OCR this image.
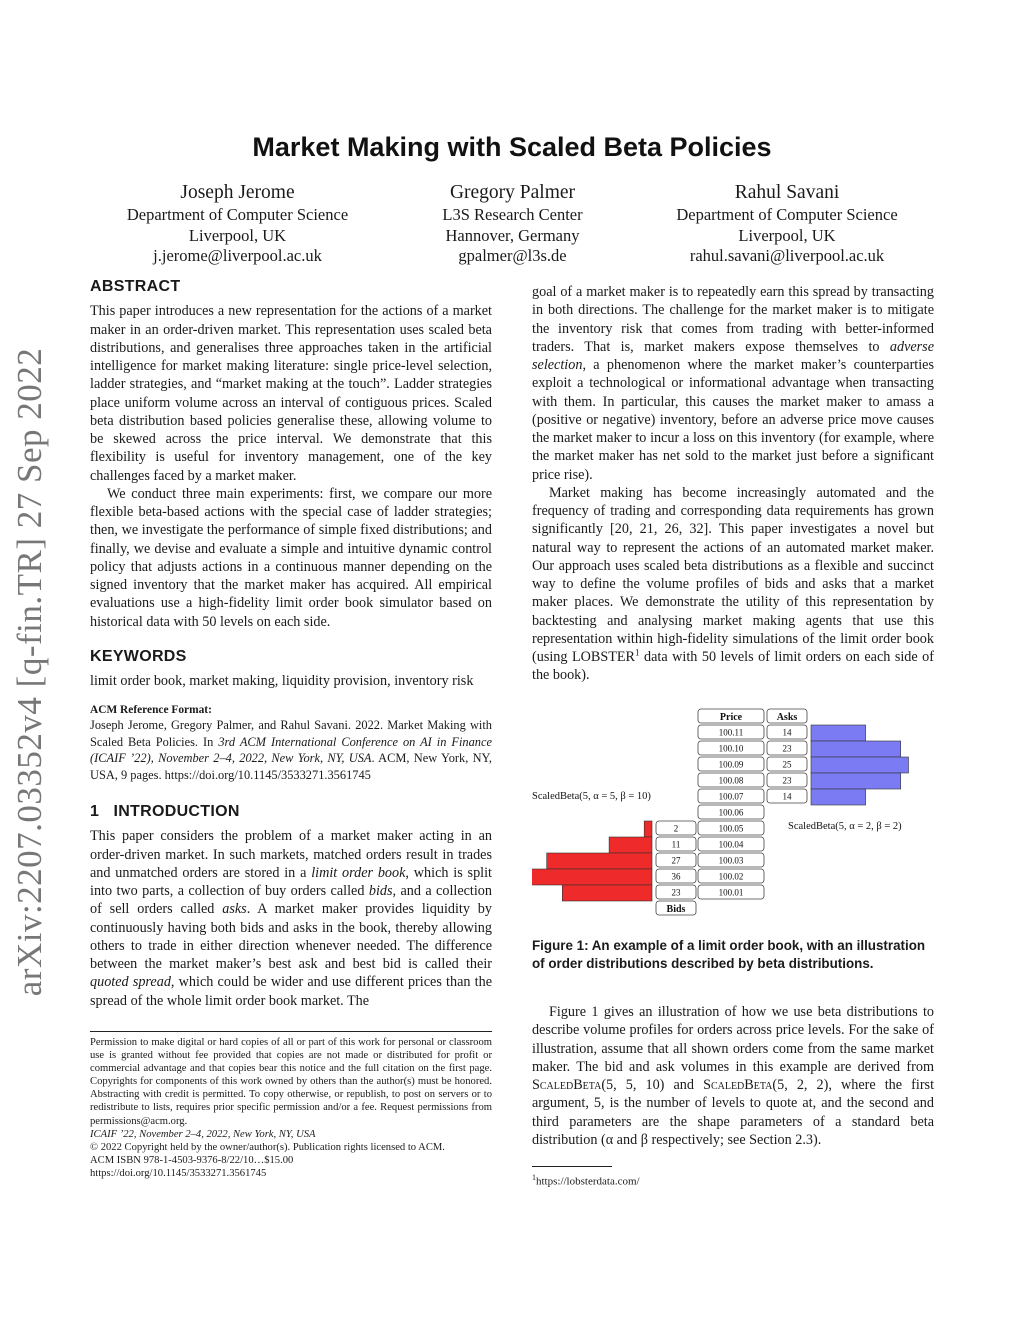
arXiv:2207.03352v4 [q-fin.TR] 27 Sep 2022
Market Making with Scaled Beta Policies
Joseph Jerome
Department of Computer Science
Liverpool, UK
j.jerome@liverpool.ac.uk
Gregory Palmer
L3S Research Center
Hannover, Germany
gpalmer@l3s.de
Rahul Savani
Department of Computer Science
Liverpool, UK
rahul.savani@liverpool.ac.uk
ABSTRACT

This paper introduces a new representation for the actions of a market maker in an order-driven market. This representation uses scaled beta distributions, and generalises three approaches taken in the artificial intelligence for market making literature: single price-level selection, ladder strategies, and “market making at the touch”. Ladder strategies place uniform volume across an interval of contiguous prices. Scaled beta distribution based policies generalise these, allowing volume to be skewed across the price interval. We demonstrate that this flexibility is useful for inventory management, one of the key challenges faced by a market maker.

We conduct three main experiments: first, we compare our more flexible beta-based actions with the special case of ladder strategies; then, we investigate the performance of simple fixed distributions; and finally, we devise and evaluate a simple and intuitive dynamic control policy that adjusts actions in a continuous manner depending on the signed inventory that the market maker has acquired. All empirical evaluations use a high-fidelity limit order book simulator based on historical data with 50 levels on each side.

KEYWORDS

limit order book, market making, liquidity provision, inventory risk

ACM Reference Format:
Joseph Jerome, Gregory Palmer, and Rahul Savani. 2022. Market Making with Scaled Beta Policies. In 3rd ACM International Conference on AI in Finance (ICAIF ’22), November 2–4, 2022, New York, NY, USA. ACM, New York, NY, USA, 9 pages. https://doi.org/10.1145/3533271.3561745
1 INTRODUCTION

This paper considers the problem of a market maker acting in an order-driven market. In such markets, matched orders result in trades and unmatched orders are stored in a limit order book, which is split into two parts, a collection of buy orders called bids, and a collection of sell orders called asks. A market maker provides liquidity by continuously having both bids and asks in the book, thereby allowing others to trade in either direction whenever needed. The difference between the market maker’s best ask and best bid is called their quoted spread, which could be wider and use different prices than the spread of the whole limit order book market. The

Permission to make digital or hard copies of all or part of this work for personal or classroom use is granted without fee provided that copies are not made or distributed for profit or commercial advantage and that copies bear this notice and the full citation on the first page. Copyrights for components of this work owned by others than the author(s) must be honored. Abstracting with credit is permitted. To copy otherwise, or republish, to post on servers or to redistribute to lists, requires prior specific permission and/or a fee. Request permissions from permissions@acm.org.

ICAIF ’22, November 2–4, 2022, New York, NY, USA

© 2022 Copyright held by the owner/author(s). Publication rights licensed to ACM.

ACM ISBN 978-1-4503-9376-8/22/10…$15.00

https://doi.org/10.1145/3533271.3561745

goal of a market maker is to repeatedly earn this spread by transacting in both directions. The challenge for the market maker is to mitigate the inventory risk that comes from trading with better-informed traders. That is, market makers expose themselves to adverse selection, a phenomenon where the market maker’s counterparties exploit a technological or informational advantage when transacting with them. In particular, this causes the market maker to amass a (positive or negative) inventory, before an adverse price move causes the market maker to incur a loss on this inventory (for example, where the market maker has net sold to the market just before a significant price rise).

Market making has become increasingly automated and the frequency of trading and corresponding data requirements has grown significantly [20, 21, 26, 32]. This paper investigates a novel but natural way to represent the actions of an automated market maker. Our approach uses scaled beta distributions as a flexible and succinct way to define the volume profiles of bids and asks that a market maker places. We demonstrate the utility of this representation by backtesting and analysing market making agents that use this representation within high-fidelity simulations of the limit order book (using LOBSTER$^1$ data with 50 levels of limit orders on each side of the book).

Price	Asks
100.11
100.10
100.09
100.08
100.07
100.06
100.05
100.04
100.03
100.02
100.01
14
23
25
23
14
2
11
27
36
23
Bids
ScaledBeta(5, α = 5, β = 10)
ScaledBeta(5, α = 2, β = 2)
Figure 1: An example of a limit order book, with an illustration of order distributions described by beta distributions.

Figure 1 gives an illustration of how we use beta distributions to describe volume profiles for orders across price levels. For the sake of illustration, assume that all shown orders come from the same market maker. The bid and ask volumes in this example are derived from ScaledBeta(5, 5, 10) and ScaledBeta(5, 2, 2), where the first argument, 5, is the number of levels to quote at, and the second and third parameters are the shape parameters of a standard beta distribution (α and β respectively; see Section 2.3).

$^1$https://lobsterdata.com/
